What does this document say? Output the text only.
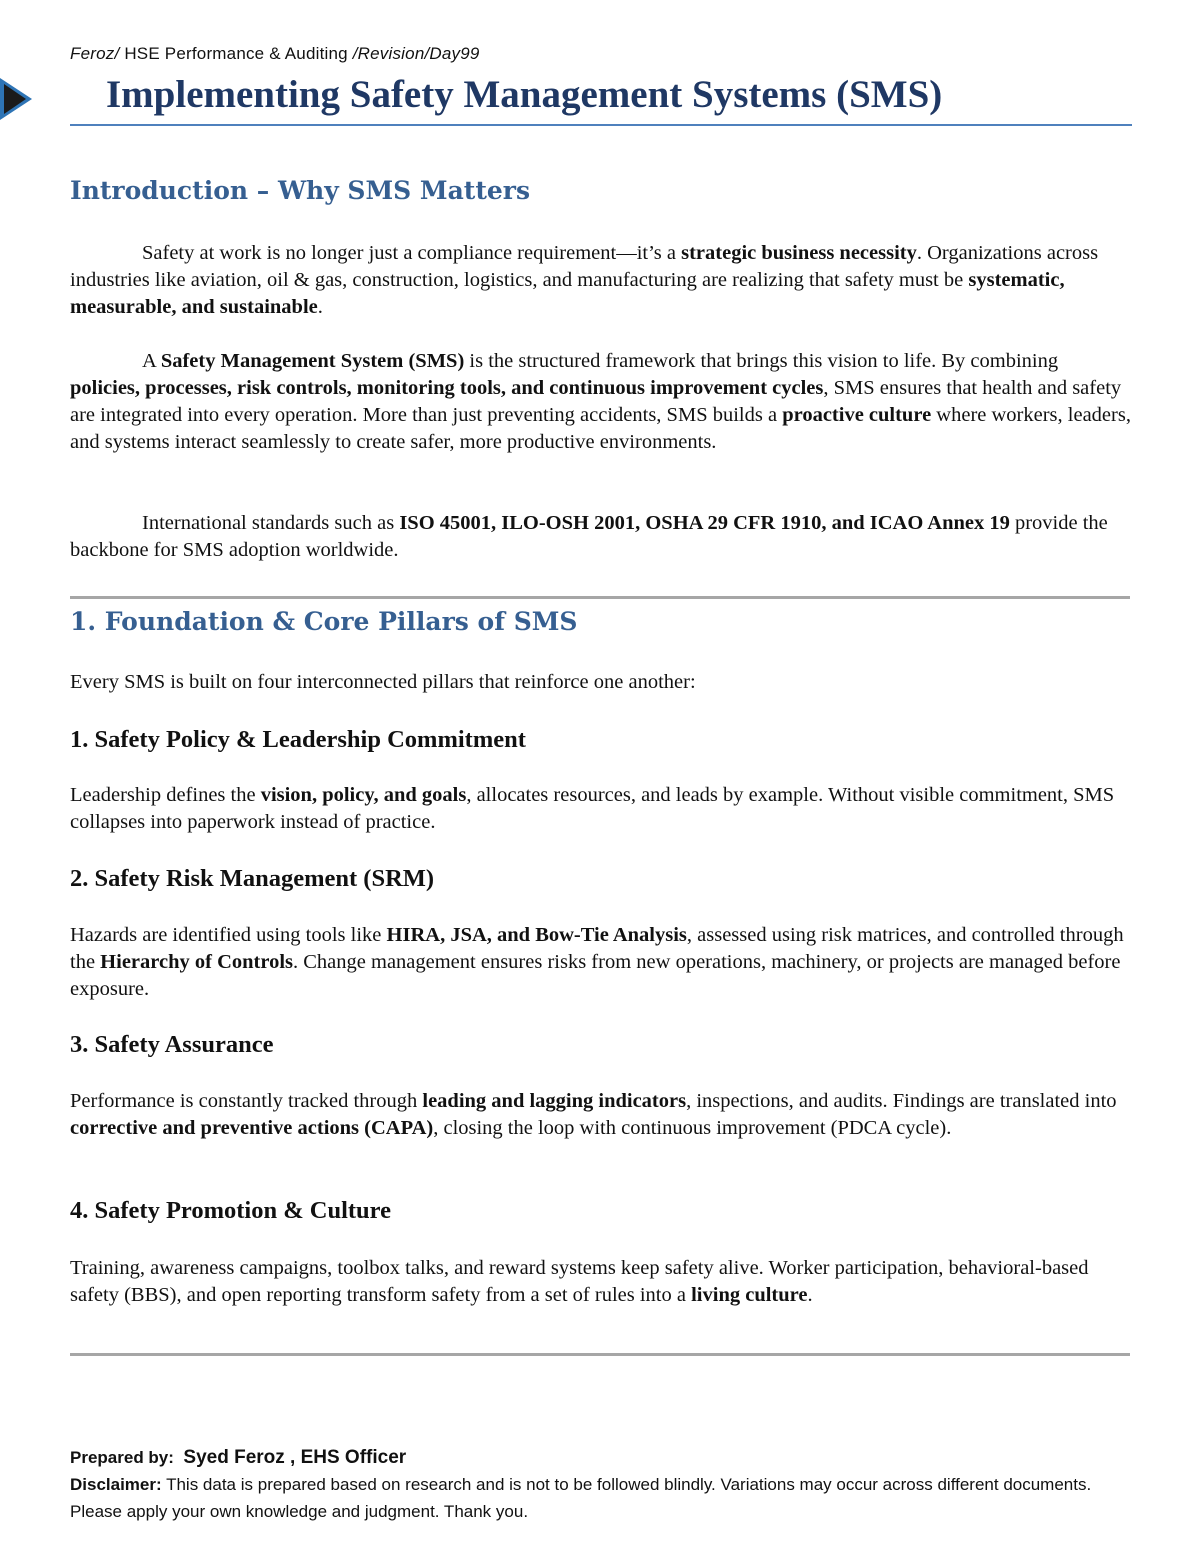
Feroz/ HSE Performance & Auditing /Revision/Day99
Implementing Safety Management Systems (SMS)
Introduction – Why SMS Matters
Safety at work is no longer just a compliance requirement—it’s a strategic business necessity. Organizations across industries like aviation, oil & gas, construction, logistics, and manufacturing are realizing that safety must be systematic, measurable, and sustainable.
A Safety Management System (SMS) is the structured framework that brings this vision to life. By combining policies, processes, risk controls, monitoring tools, and continuous improvement cycles, SMS ensures that health and safety are integrated into every operation. More than just preventing accidents, SMS builds a proactive culture where workers, leaders, and systems interact seamlessly to create safer, more productive environments.
International standards such as ISO 45001, ILO-OSH 2001, OSHA 29 CFR 1910, and ICAO Annex 19 provide the backbone for SMS adoption worldwide.
1. Foundation & Core Pillars of SMS
Every SMS is built on four interconnected pillars that reinforce one another:
1. Safety Policy & Leadership Commitment
Leadership defines the vision, policy, and goals, allocates resources, and leads by example. Without visible commitment, SMS collapses into paperwork instead of practice.
2. Safety Risk Management (SRM)
Hazards are identified using tools like HIRA, JSA, and Bow-Tie Analysis, assessed using risk matrices, and controlled through the Hierarchy of Controls. Change management ensures risks from new operations, machinery, or projects are managed before exposure.
3. Safety Assurance
Performance is constantly tracked through leading and lagging indicators, inspections, and audits. Findings are translated into corrective and preventive actions (CAPA), closing the loop with continuous improvement (PDCA cycle).
4. Safety Promotion & Culture
Training, awareness campaigns, toolbox talks, and reward systems keep safety alive. Worker participation, behavioral-based safety (BBS), and open reporting transform safety from a set of rules into a living culture.
Prepared by: Syed Feroz , EHS Officer
Disclaimer: This data is prepared based on research and is not to be followed blindly. Variations may occur across different documents. Please apply your own knowledge and judgment. Thank you.
